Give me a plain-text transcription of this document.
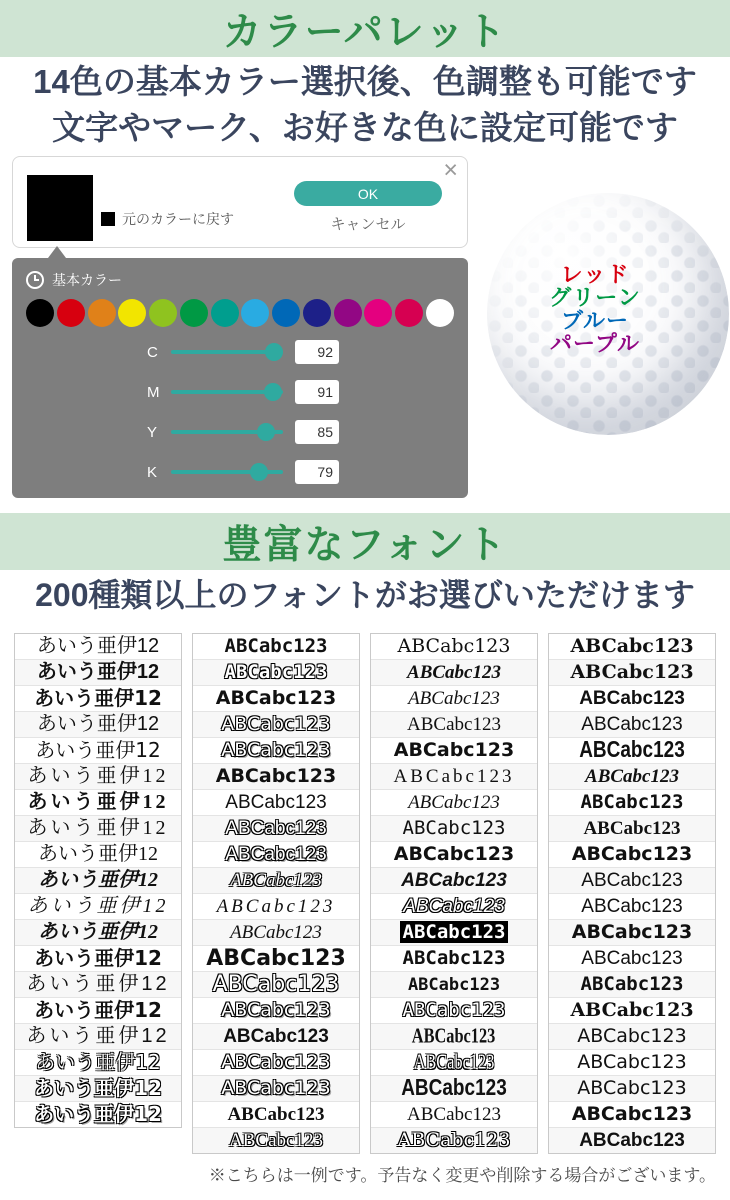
カラーパレット
14色の基本カラー選択後、色調整も可能です
文字やマーク、お好きな色に設定可能です
元のカラーに戻す
OK
キャンセル
×
基本カラー
C	92
M	91
Y	85
K	79
レッド
グリーン
ブルー
パープル
豊富なフォント
200種類以上のフォントがお選びいただけます
あいう亜伊12
あいう亜伊12
あいう亜伊12
あいう亜伊12
あいう亜伊12
あいう亜伊12
あいう亜伊12
あいう亜伊12
あいう亜伊12
あいう亜伊12
あいう亜伊12
あいう亜伊12
あいう亜伊12
あいう亜伊12
あいう亜伊12
あいう亜伊12
あいう亜伊12
あいう亜伊12
あいう亜伊12
ABCabc123
ABCabc123
ABCabc123
ABCabc123
ABCabc123
ABCabc123
ABCabc123
ABCabc123
ABCabc123
ABCabc123
ABCabc123
ABCabc123
ABCabc123
ABCabc123
ABCabc123
ABCabc123
ABCabc123
ABCabc123
ABCabc123
ABCabc123
ABCabc123
ABCabc123
ABCabc123
ABCabc123
ABCabc123
ABCabc123
ABCabc123
ABCabc123
ABCabc123
ABCabc123
ABCabc123
ABCabc123
ABCabc123
ABCabc123
ABCabc123
ABCabc123
ABCabc123
ABCabc123
ABCabc123
ABCabc123
ABCabc123
ABCabc123
ABCabc123
ABCabc123
ABCabc123
ABCabc123
ABCabc123
ABCabc123
ABCabc123
ABCabc123
ABCabc123
ABCabc123
ABCabc123
ABCabc123
ABCabc123
ABCabc123
ABCabc123
ABCabc123
ABCabc123
ABCabc123
※こちらは一例です。予告なく変更や削除する場合がございます。
